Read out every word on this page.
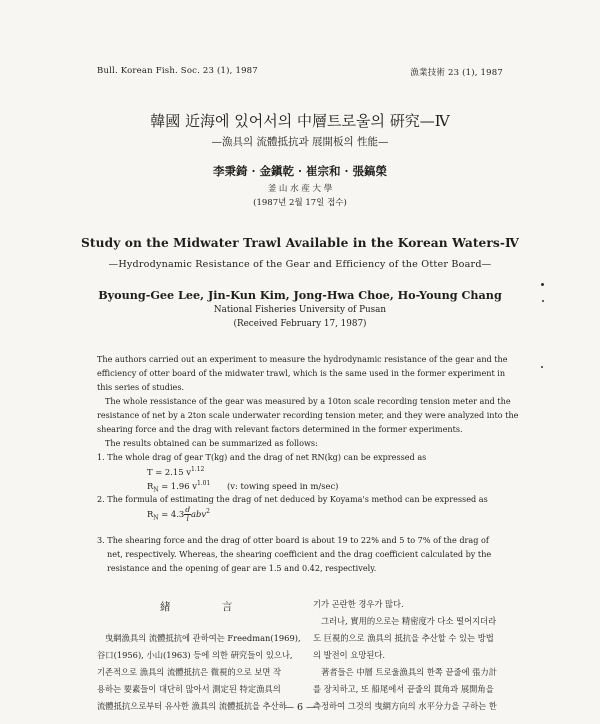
Bull. Korean Fish. Soc. 23 (1), 1987	漁業技術 23 (1), 1987
韓國 近海에 있어서의 中層트로울의 硏究—Ⅳ
—漁具의 流體抵抗과 展開板의 性能—
李秉錡 · 金鎭乾 · 崔宗和 · 張鎬榮
釜 山 水 産 大 學
(1987년 2월 17일 접수)
Study on the Midwater Trawl Available in the Korean Waters-Ⅳ
—Hydrodynamic Resistance of the Gear and Efficiency of the Otter Board—
Byoung-Gee Lee, Jin-Kun Kim, Jong-Hwa Choe, Ho-Young Chang
National Fisheries University of Pusan
(Received February 17, 1987)
The authors carried out an experiment to measure the hydrodynamic resistance of the gear and the
efficiency of otter board of the midwater trawl, which is the same used in the former experiment in
this series of studies.
The whole ressistance of the gear was measured by a 10ton scale recording tension meter and the
resistance of net by a 2ton scale underwater recording tension meter, and they were analyzed into the
shearing force and the drag with relevant factors determined in the former experiments.
The results obtained can be summarized as follows:
1. The whole drag of gear T(kg) and the drag of net RN(kg) can be expressed as
T = 2.15 $v^{1.12}$
$R_N = 1.96$ $v^{1.01}$ (v: towing speed in m/sec)
2. The formula of estimating the drag of net deduced by Koyama's method can be expressed as
$R_N = 4.3 \frac{d}{l} abv^2$
3. The shearing force and the drag of otter board is about 19 to 22% and 5 to 7% of the drag of
net, respectively. Whereas, the shearing coefficient and the drag coefficient calculated by the
resistance and the opening of gear are 1.5 and 0.42, respectively.
緒 言
曳網漁具의 流體抵抗에 관하여는 Freedman(1969),
谷口(1956), 小山(1963) 등에 의한 硏究들이 있으나,
기존적으로 漁具의 流體抵抗은 微視的으로 보면 작
용하는 要素들이 대단히 많아서 測定된 特定漁具의
流體抵抗으로부터 유사한 漁具의 流體抵抗을 추산하
기가 곤란한 경우가 많다.
그러나, 實用的으로는 精密度가 다소 떨어지더라
도 巨視的으로 漁具의 抵抗을 추산할 수 있는 방법
의 발전이 요망된다.
著者들은 中層 트로울漁具의 한쪽 끝줄에 張力計
를 장치하고, 또 船尾에서 끝줄의 貫角과 展開角을
측정하여 그것의 曳網方向의 水平分力을 구하는 한
— 6 —
